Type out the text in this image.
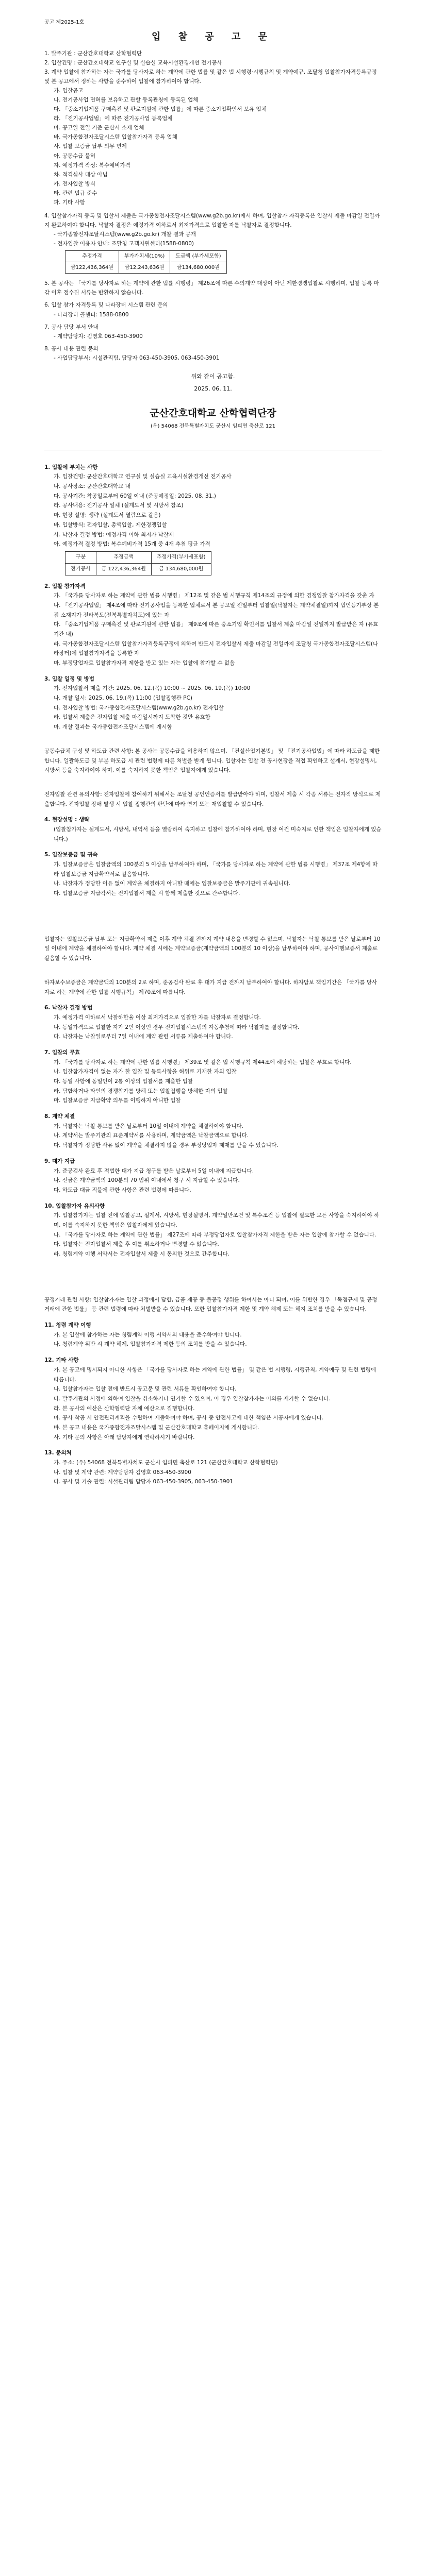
공고 제2025-1호
입 찰 공 고 문
1. 발주기관 : 군산간호대학교 산학협력단
2. 입찰건명 : 군산간호대학교 연구실 및 실습실 교육시설환경개선 전기공사
3. 계약 입찰에 참가하는 자는 국가를 당사자로 하는 계약에 관한 법률 및 같은 법 시행령·시행규칙 및 계약예규, 조달청 입찰참가자격등록규정 및 본 공고에서 정하는 사항을 준수하여 입찰에 참가하여야 합니다.
가. 입찰공고
나. 전기공사업 면허를 보유하고 관할 등록관청에 등록된 업체
다. 「중소기업제품 구매촉진 및 판로지원에 관한 법률」에 따른 중소기업확인서 보유 업체
라. 「전기공사업법」에 따른 전기공사업 등록업체
마. 공고일 전일 기준 군산시 소재 업체
바. 국가종합전자조달시스템 입찰참가자격 등록 업체
사. 입찰 보증금 납부 의무 면제
아. 공동수급 불허
자. 예정가격 작성: 복수예비가격
차. 적격심사 대상 아님
카. 전자입찰 방식
타. 관련 법규 준수
파. 기타 사항
4. 입찰참가자격 등록 및 입찰서 제출은 국가종합전자조달시스템(www.g2b.go.kr)에서 하며, 입찰참가 자격등록은 입찰서 제출 마감일 전일까지 완료하여야 합니다. 낙찰자 결정은 예정가격 이하로서 최저가격으로 입찰한 자를 낙찰자로 결정합니다.
- 국가종합전자조달시스템(www.g2b.go.kr) 개찰 결과 공개
- 전자입찰 이용자 안내: 조달청 고객지원센터(1588-0800)
추정가격	부가가치세(10%)	도급액 (부가세포함)
금122,436,364원	금12,243,636원	금134,680,000원
5. 본 공사는 「국가를 당사자로 하는 계약에 관한 법률 시행령」 제26조에 따른 수의계약 대상이 아닌 제한경쟁입찰로 시행하며, 입찰 등록 마감 이후 접수된 서류는 반환하지 않습니다.
6. 입찰 참가 자격등록 및 나라장터 시스템 관련 문의
- 나라장터 콜센터: 1588-0800
7. 공사 담당 부서 안내
- 계약담당자: 김영호 063-450-3900
8. 공사 내용 관련 문의
- 사업담당부서: 시설관리팀, 담당자 063-450-3905, 063-450-3901
위와 같이 공고함.
2025. 06. 11.
군산간호대학교 산학협력단장
(우) 54068 전북특별자치도 군산시 임피면 축산로 121
1. 입찰에 부치는 사항
가. 입찰건명: 군산간호대학교 연구실 및 실습실 교육시설환경개선 전기공사
나. 공사장소: 군산간호대학교 내
다. 공사기간: 착공일로부터 60일 이내 (준공예정일: 2025. 08. 31.)
라. 공사내용: 전기공사 일체 (설계도서 및 시방서 참조)
마. 현장 설명: 생략 (설계도서 열람으로 갈음)
바. 입찰방식: 전자입찰, 총액입찰, 제한경쟁입찰
사. 낙찰자 결정 방법: 예정가격 이하 최저가 낙찰제
아. 예정가격 결정 방법: 복수예비가격 15개 중 4개 추첨 평균 가격
구분	추정금액	추정가격(부가세포함)
전기공사	금 122,436,364원	금 134,680,000원
2. 입찰 참가자격
가. 「국가를 당사자로 하는 계약에 관한 법률 시행령」 제12조 및 같은 법 시행규칙 제14조의 규정에 의한 경쟁입찰 참가자격을 갖춘 자
나. 「전기공사업법」 제4조에 따라 전기공사업을 등록한 업체로서 본 공고일 전일부터 입찰일(낙찰자는 계약체결일)까지 법인등기부상 본점 소재지가 전라북도(전북특별자치도)에 있는 자
다. 「중소기업제품 구매촉진 및 판로지원에 관한 법률」 제9조에 따른 중소기업 확인서를 입찰서 제출 마감일 전일까지 발급받은 자 (유효기간 내)
라. 국가종합전자조달시스템 입찰참가자격등록규정에 의하여 반드시 전자입찰서 제출 마감일 전일까지 조달청 국가종합전자조달시스템(나라장터)에 입찰참가자격을 등록한 자
마. 부정당업자로 입찰참가자격 제한을 받고 있는 자는 입찰에 참가할 수 없음
3. 입찰 일정 및 방법
가. 전자입찰서 제출 기간: 2025. 06. 12.(목) 10:00 ~ 2025. 06. 19.(목) 10:00
나. 개찰 일시: 2025. 06. 19.(목) 11:00 (입찰집행관 PC)
다. 전자입찰 방법: 국가종합전자조달시스템(www.g2b.go.kr) 전자입찰
라. 입찰서 제출은 전자입찰 제출 마감일시까지 도착한 것만 유효함
마. 개찰 결과는 국가종합전자조달시스템에 게시함
공동수급체 구성 및 하도급 관련 사항: 본 공사는 공동수급을 허용하지 않으며, 「건설산업기본법」 및 「전기공사업법」에 따라 하도급을 제한합니다. 일괄하도급 및 부분 하도급 시 관련 법령에 따른 처벌을 받게 됩니다. 입찰자는 입찰 전 공사현장을 직접 확인하고 설계서, 현장설명서, 시방서 등을 숙지하여야 하며, 이를 숙지하지 못한 책임은 입찰자에게 있습니다.
전자입찰 관련 유의사항: 전자입찰에 참여하기 위해서는 조달청 공인인증서를 발급받아야 하며, 입찰서 제출 시 각종 서류는 전자적 방식으로 제출합니다. 전자입찰 장애 발생 시 입찰 집행관의 판단에 따라 연기 또는 재입찰할 수 있습니다.
4. 현장설명 : 생략
(입찰참가자는 설계도서, 시방서, 내역서 등을 열람하여 숙지하고 입찰에 참가하여야 하며, 현장 여건 미숙지로 인한 책임은 입찰자에게 있습니다.)
5. 입찰보증금 및 귀속
가. 입찰보증금은 입찰금액의 100분의 5 이상을 납부하여야 하며, 「국가를 당사자로 하는 계약에 관한 법률 시행령」 제37조 제4항에 따라 입찰보증금 지급확약서로 갈음합니다.
나. 낙찰자가 정당한 이유 없이 계약을 체결하지 아니할 때에는 입찰보증금은 발주기관에 귀속됩니다.
다. 입찰보증금 지급각서는 전자입찰서 제출 시 함께 제출한 것으로 간주합니다.
입찰자는 입찰보증금 납부 또는 지급확약서 제출 이후 계약 체결 전까지 계약 내용을 변경할 수 없으며, 낙찰자는 낙찰 통보를 받은 날로부터 10일 이내에 계약을 체결하여야 합니다. 계약 체결 시에는 계약보증금(계약금액의 100분의 10 이상)을 납부하여야 하며, 공사이행보증서 제출로 갈음할 수 있습니다.
하자보수보증금은 계약금액의 100분의 2로 하며, 준공검사 완료 후 대가 지급 전까지 납부하여야 합니다. 하자담보 책임기간은 「국가를 당사자로 하는 계약에 관한 법률 시행규칙」 제70조에 따릅니다.
6. 낙찰자 결정 방법
가. 예정가격 이하로서 낙찰하한율 이상 최저가격으로 입찰한 자를 낙찰자로 결정합니다.
나. 동일가격으로 입찰한 자가 2인 이상인 경우 전자입찰시스템의 자동추첨에 따라 낙찰자를 결정합니다.
다. 낙찰자는 낙찰일로부터 7일 이내에 계약 관련 서류를 제출하여야 합니다.
7. 입찰의 무효
가. 「국가를 당사자로 하는 계약에 관한 법률 시행령」 제39조 및 같은 법 시행규칙 제44조에 해당하는 입찰은 무효로 합니다.
나. 입찰참가자격이 없는 자가 한 입찰 및 등록사항을 허위로 기재한 자의 입찰
다. 동일 사항에 동일인이 2통 이상의 입찰서를 제출한 입찰
라. 담합하거나 타인의 경쟁참가를 방해 또는 입찰집행을 방해한 자의 입찰
마. 입찰보증금 지급확약 의무를 이행하지 아니한 입찰
8. 계약 체결
가. 낙찰자는 낙찰 통보를 받은 날로부터 10일 이내에 계약을 체결하여야 합니다.
나. 계약서는 발주기관의 표준계약서를 사용하며, 계약금액은 낙찰금액으로 합니다.
다. 낙찰자가 정당한 사유 없이 계약을 체결하지 않을 경우 부정당업자 제재를 받을 수 있습니다.
9. 대가 지급
가. 준공검사 완료 후 적법한 대가 지급 청구를 받은 날로부터 5일 이내에 지급합니다.
나. 선금은 계약금액의 100분의 70 범위 이내에서 청구 시 지급할 수 있습니다.
다. 하도급 대금 직불에 관한 사항은 관련 법령에 따릅니다.
10. 입찰참가자 유의사항
가. 입찰참가자는 입찰 전에 입찰공고, 설계서, 시방서, 현장설명서, 계약일반조건 및 특수조건 등 입찰에 필요한 모든 사항을 숙지하여야 하며, 이를 숙지하지 못한 책임은 입찰자에게 있습니다.
나. 「국가를 당사자로 하는 계약에 관한 법률」 제27조에 따라 부정당업자로 입찰참가자격 제한을 받은 자는 입찰에 참가할 수 없습니다.
다. 입찰자는 전자입찰서 제출 후 이를 취소하거나 변경할 수 없습니다.
라. 청렴계약 이행 서약서는 전자입찰서 제출 시 동의한 것으로 간주합니다.
공정거래 관련 사항: 입찰참가자는 입찰 과정에서 담합, 금품 제공 등 불공정 행위를 하여서는 아니 되며, 이를 위반한 경우 「독점규제 및 공정거래에 관한 법률」 등 관련 법령에 따라 처벌받을 수 있습니다. 또한 입찰참가자격 제한 및 계약 해제 또는 해지 조치를 받을 수 있습니다.
11. 청렴 계약 이행
가. 본 입찰에 참가하는 자는 청렴계약 이행 서약서의 내용을 준수하여야 합니다.
나. 청렴계약 위반 시 계약 해제, 입찰참가자격 제한 등의 조치를 받을 수 있습니다.
12. 기타 사항
가. 본 공고에 명시되지 아니한 사항은 「국가를 당사자로 하는 계약에 관한 법률」 및 같은 법 시행령, 시행규칙, 계약예규 및 관련 법령에 따릅니다.
나. 입찰참가자는 입찰 전에 반드시 공고문 및 관련 서류를 확인하여야 합니다.
다. 발주기관의 사정에 의하여 입찰을 취소하거나 연기할 수 있으며, 이 경우 입찰참가자는 이의를 제기할 수 없습니다.
라. 본 공사의 예산은 산학협력단 자체 예산으로 집행합니다.
마. 공사 착공 시 안전관리계획을 수립하여 제출하여야 하며, 공사 중 안전사고에 대한 책임은 시공자에게 있습니다.
바. 본 공고 내용은 국가종합전자조달시스템 및 군산간호대학교 홈페이지에 게시합니다.
사. 기타 문의 사항은 아래 담당자에게 연락하시기 바랍니다.
13. 문의처
가. 주소: (우) 54068 전북특별자치도 군산시 임피면 축산로 121 (군산간호대학교 산학협력단)
나. 입찰 및 계약 관련: 계약담당자 김영호 063-450-3900
다. 공사 및 기술 관련: 시설관리팀 담당자 063-450-3905, 063-450-3901
